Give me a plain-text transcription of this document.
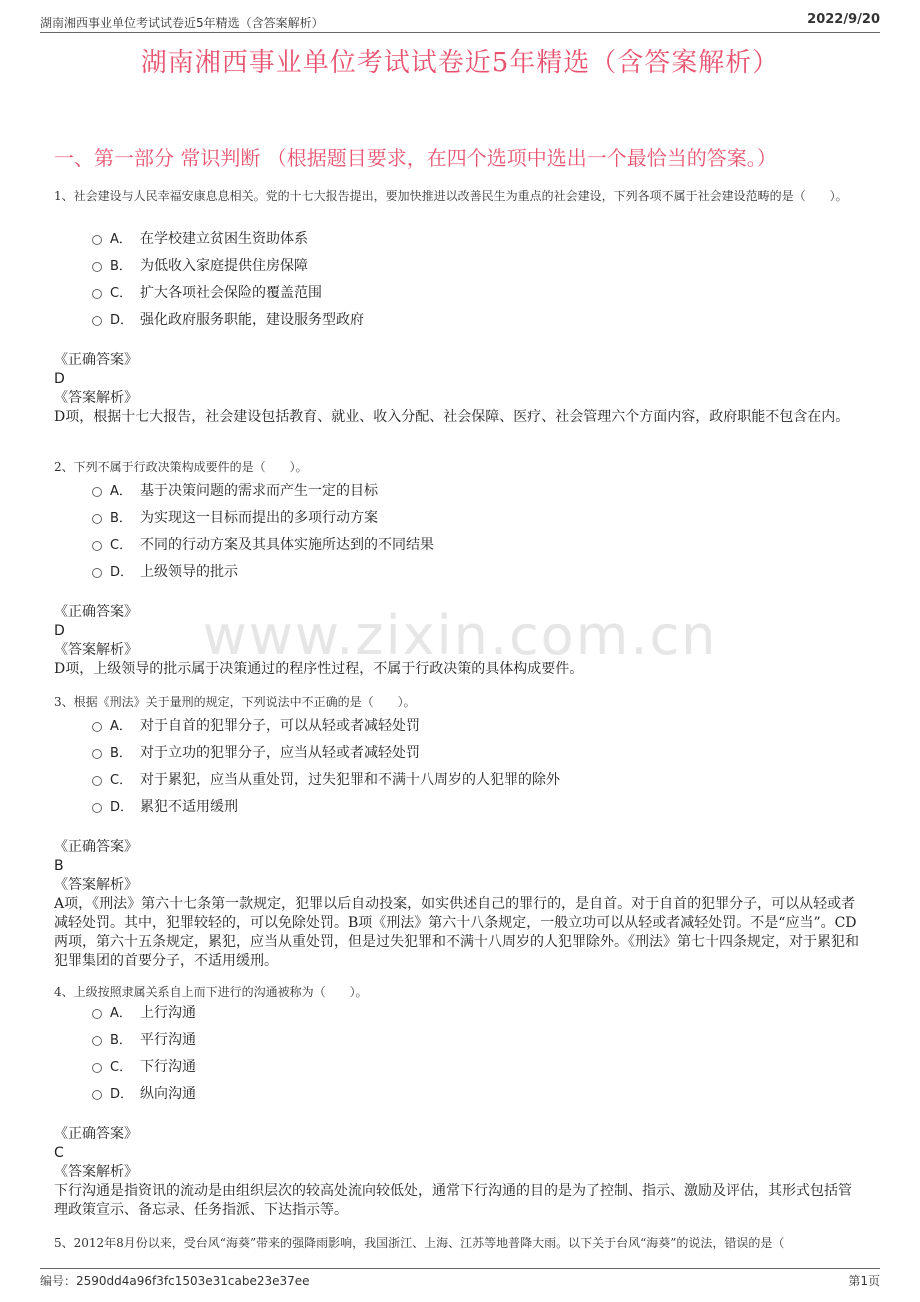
湖南湘西事业单位考试试卷近5年精选（含答案解析）	2022/9/20
湖南湘西事业单位考试试卷近5年精选（含答案解析）
一、第一部分 常识判断 （根据题目要求，在四个选项中选出一个最恰当的答案。）
www.zixin.com.cn
1、社会建设与人民幸福安康息息相关。党的十七大报告提出，要加快推进以改善民生为重点的社会建设，下列各项不属于社会建设范畴的是（　　）。
A． 在学校建立贫困生资助体系
B． 为低收入家庭提供住房保障
C． 扩大各项社会保险的覆盖范围
D． 强化政府服务职能，建设服务型政府
《正确答案》
D
《答案解析》
D项，根据十七大报告，社会建设包括教育、就业、收入分配、社会保障、医疗、社会管理六个方面内容，政府职能不包含在内。
2、下列不属于行政决策构成要件的是（　　）。
A． 基于决策问题的需求而产生一定的目标
B． 为实现这一目标而提出的多项行动方案
C． 不同的行动方案及其具体实施所达到的不同结果
D． 上级领导的批示
《正确答案》
D
《答案解析》
D项，上级领导的批示属于决策通过的程序性过程，不属于行政决策的具体构成要件。
3、根据《刑法》关于量刑的规定，下列说法中不正确的是（　　）。
A． 对于自首的犯罪分子，可以从轻或者减轻处罚
B． 对于立功的犯罪分子，应当从轻或者减轻处罚
C． 对于累犯，应当从重处罚，过失犯罪和不满十八周岁的人犯罪的除外
D． 累犯不适用缓刑
《正确答案》
B
《答案解析》
A项，《刑法》第六十七条第一款规定，犯罪以后自动投案，如实供述自己的罪行的，是自首。对于自首的犯罪分子，可以从轻或者减轻处罚。其中，犯罪较轻的，可以免除处罚。B项《刑法》第六十八条规定，一般立功可以从轻或者减轻处罚。不是“应当”。CD两项，第六十五条规定，累犯，应当从重处罚，但是过失犯罪和不满十八周岁的人犯罪除外。《刑法》第七十四条规定，对于累犯和犯罪集团的首要分子，不适用缓刑。
4、上级按照隶属关系自上而下进行的沟通被称为（　　）。
A． 上行沟通
B． 平行沟通
C． 下行沟通
D． 纵向沟通
《正确答案》
C
《答案解析》
下行沟通是指资讯的流动是由组织层次的较高处流向较低处，通常下行沟通的目的是为了控制、指示、激励及评估，其形式包括管理政策宣示、备忘录、任务指派、下达指示等。
5、2012年8月份以来，受台风“海葵”带来的强降雨影响，我国浙江、上海、江苏等地普降大雨。以下关于台风“海葵”的说法，错误的是（
编号：2590dd4a96f3fc1503e31cabe23e37ee	第1页
